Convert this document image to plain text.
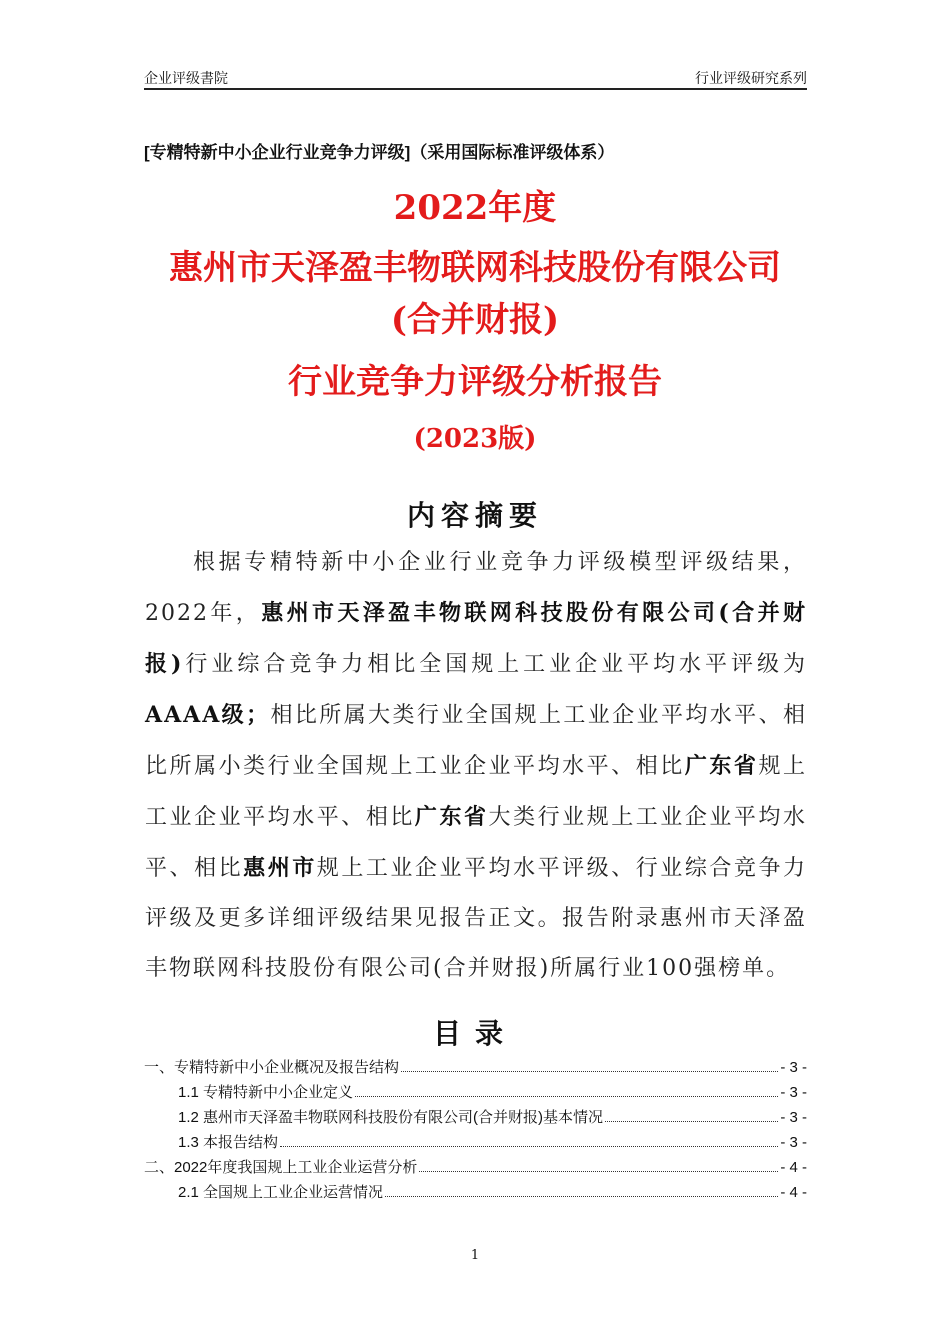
企业评级書院	行业评级研究系列
[专精特新中小企业行业竞争力评级]（采用国际标准评级体系）
2022年度
惠州市天泽盈丰物联网科技股份有限公司
(合并财报)
行业竞争力评级分析报告
(2023版)
内容摘要
根据专精特新中小企业行业竞争力评级模型评级结果，2022年，惠州市天泽盈丰物联网科技股份有限公司(合并财报)行业综合竞争力相比全国规上工业企业平均水平评级为AAAA级；相比所属大类行业全国规上工业企业平均水平、相比所属小类行业全国规上工业企业平均水平、相比广东省规上工业企业平均水平、相比广东省大类行业规上工业企业平均水平、相比惠州市规上工业企业平均水平评级、行业综合竞争力评级及更多详细评级结果见报告正文。报告附录惠州市天泽盈丰物联网科技股份有限公司(合并财报)所属行业100强榜单。
目录
一、专精特新中小企业概况及报告结构	- 3 -
1.1 专精特新中小企业定义	- 3 -
1.2 惠州市天泽盈丰物联网科技股份有限公司(合并财报)基本情况	- 3 -
1.3 本报告结构	- 3 -
二、2022年度我国规上工业企业运营分析	- 4 -
2.1 全国规上工业企业运营情况	- 4 -
1
